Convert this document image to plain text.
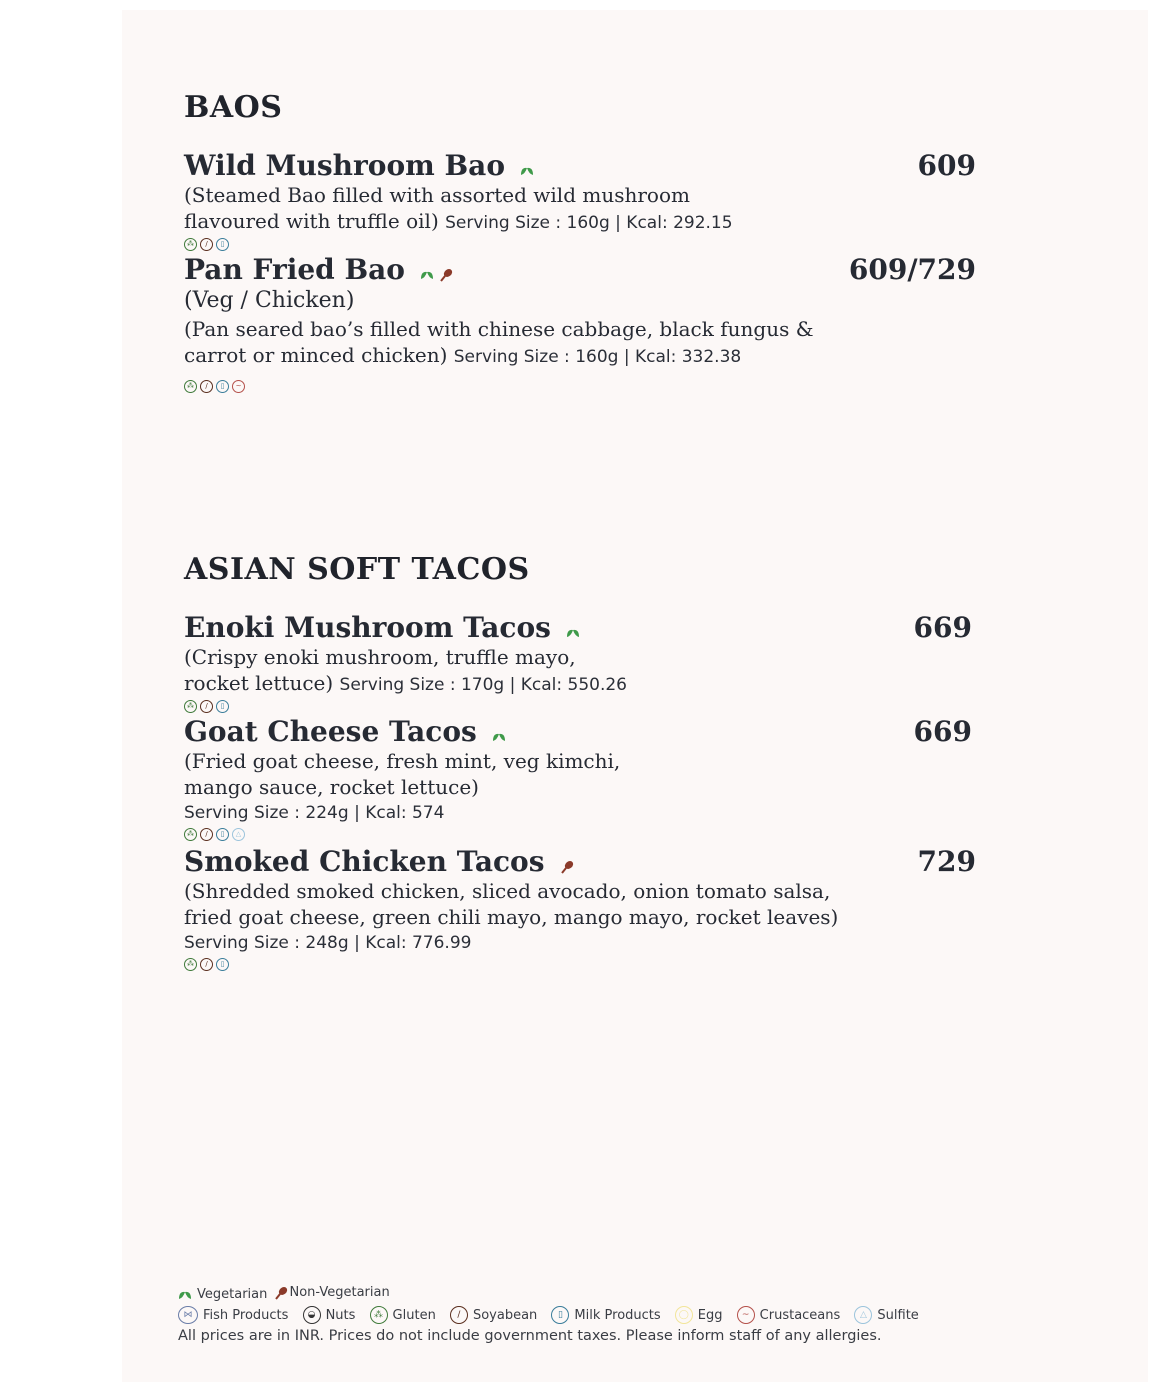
BAOS
Wild Mushroom Bao	609
(Steamed Bao filled with assorted wild mushroom
flavoured with truffle oil) Serving Size : 160g | Kcal: 292.15
⁂	/	▯
Pan Fried Bao	609/729
(Veg / Chicken)
(Pan seared bao’s filled with chinese cabbage, black fungus &
carrot or minced chicken) Serving Size : 160g | Kcal: 332.38
⁂	/	▯	~
ASIAN SOFT TACOS
Enoki Mushroom Tacos	669
(Crispy enoki mushroom, truffle mayo,
rocket lettuce) Serving Size : 170g | Kcal: 550.26
⁂	/	▯
Goat Cheese Tacos	669
(Fried goat cheese, fresh mint, veg kimchi,
mango sauce, rocket lettuce)
Serving Size : 224g | Kcal: 574
⁂	/	▯	△
Smoked Chicken Tacos	729
(Shredded smoked chicken, sliced avocado, onion tomato salsa,
fried goat cheese, green chili mayo, mango mayo, rocket leaves)
Serving Size : 248g | Kcal: 776.99
⁂	/	▯
Vegetarian
Non-Vegetarian
⋈ Fish Products
	◒ Nuts
	⁂ Gluten
	/ Soyabean
	▯ Milk Products
	◯ Egg
	~ Crustaceans
	△ Sulfite
All prices are in INR. Prices do not include government taxes. Please inform staff of any allergies.
